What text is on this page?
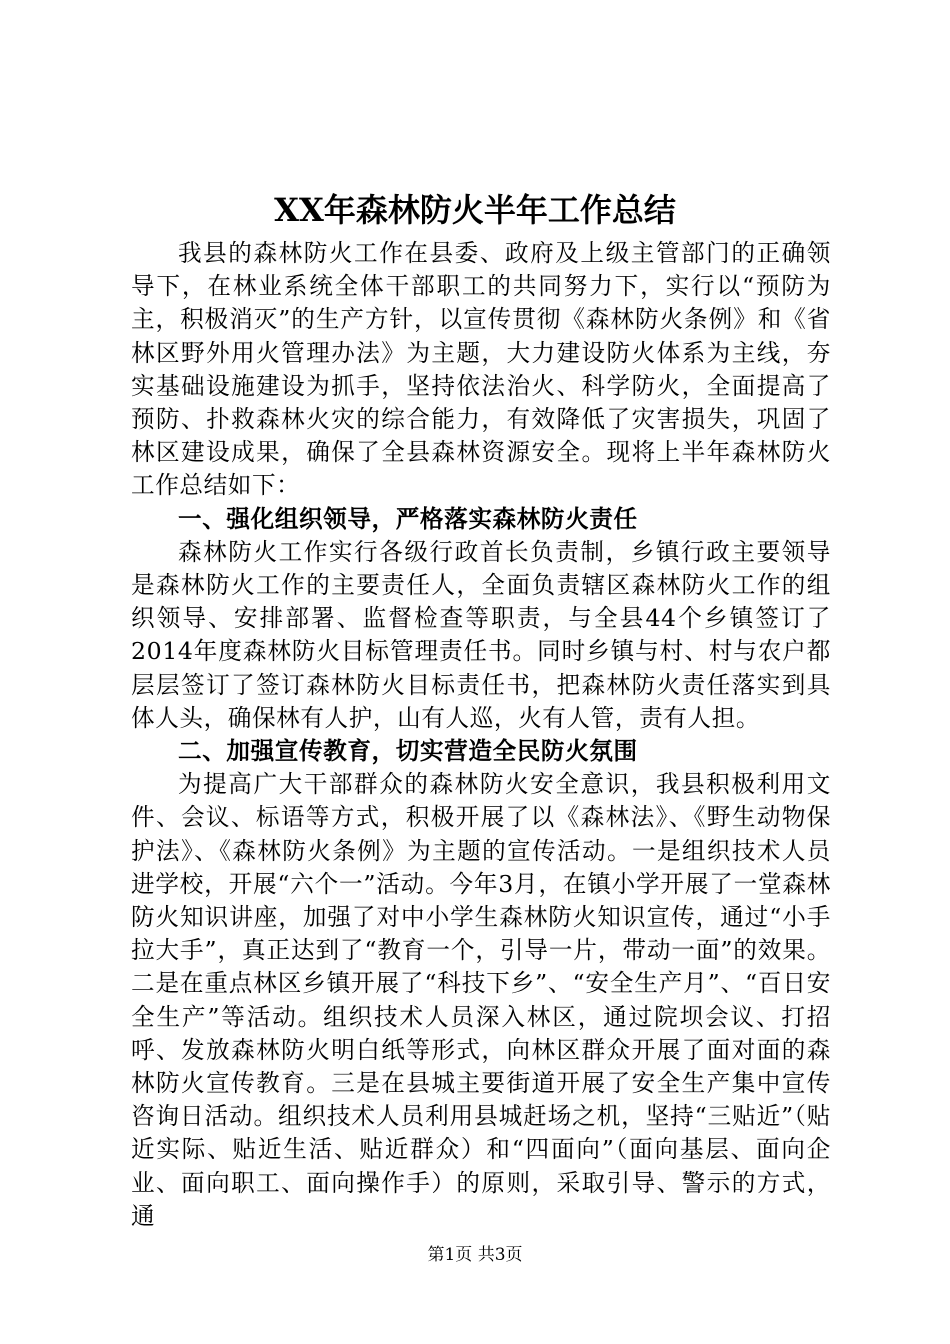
XX年森林防火半年工作总结

我县的森林防火工作在县委、政府及上级主管部门的正确领导下，在林业系统全体干部职工的共同努力下，实行以“预防为主，积极消灭”的生产方针，以宣传贯彻《森林防火条例》和《省林区野外用火管理办法》为主题，大力建设防火体系为主线，夯实基础设施建设为抓手，坚持依法治火、科学防火，全面提高了预防、扑救森林火灾的综合能力，有效降低了灾害损失，巩固了林区建设成果，确保了全县森林资源安全。现将上半年森林防火工作总结如下：

一、强化组织领导，严格落实森林防火责任

森林防火工作实行各级行政首长负责制，乡镇行政主要领导是森林防火工作的主要责任人，全面负责辖区森林防火工作的组织领导、安排部署、监督检查等职责，与全县44个乡镇签订了2014年度森林防火目标管理责任书。同时乡镇与村、村与农户都层层签订了签订森林防火目标责任书，把森林防火责任落实到具体人头，确保林有人护，山有人巡，火有人管，责有人担。

二、加强宣传教育，切实营造全民防火氛围

为提高广大干部群众的森林防火安全意识，我县积极利用文件、会议、标语等方式，积极开展了以《森林法》、《野生动物保护法》、《森林防火条例》为主题的宣传活动。一是组织技术人员进学校，开展“六个一”活动。今年3月，在镇小学开展了一堂森林防火知识讲座，加强了对中小学生森林防火知识宣传，通过“小手拉大手”，真正达到了“教育一个，引导一片，带动一面”的效果。二是在重点林区乡镇开展了“科技下乡”、“安全生产月”、“百日安全生产”等活动。组织技术人员深入林区，通过院坝会议、打招呼、发放森林防火明白纸等形式，向林区群众开展了面对面的森林防火宣传教育。三是在县城主要街道开展了安全生产集中宣传咨询日活动。组织技术人员利用县城赶场之机，坚持“三贴近”（贴近实际、贴近生活、贴近群众）和“四面向”（面向基层、面向企业、面向职工、面向操作手）的原则，采取引导、警示的方式，通

第1页 共3页
